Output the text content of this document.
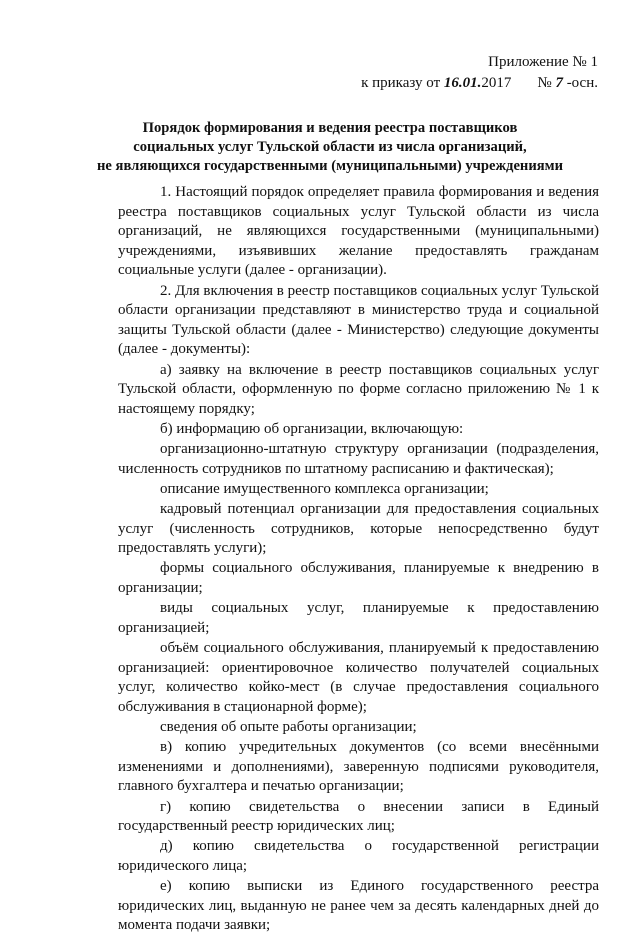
Приложение № 1
к приказу от 16.01.2017 № 7 -осн.
Порядок формирования и ведения реестра поставщиков
социальных услуг Тульской области из числа организаций,
не являющихся государственными (муниципальными) учреждениями

1. Настоящий порядок определяет правила формирования и ведения реестра поставщиков социальных услуг Тульской области из числа организаций, не являющихся государственными (муниципальными) учреждениями, изъявивших желание предоставлять гражданам социальные услуги (далее - организации).

2. Для включения в реестр поставщиков социальных услуг Тульской области организации представляют в министерство труда и социальной защиты Тульской области (далее - Министерство) следующие документы (далее - документы):

а) заявку на включение в реестр поставщиков социальных услуг Тульской области, оформленную по форме согласно приложению № 1 к настоящему порядку;

б) информацию об организации, включающую:

организационно-штатную структуру организации (подразделения, численность сотрудников по штатному расписанию и фактическая);

описание имущественного комплекса организации;

кадровый потенциал организации для предоставления социальных услуг (численность сотрудников, которые непосредственно будут предоставлять услуги);

формы социального обслуживания, планируемые к внедрению в организации;

виды социальных услуг, планируемые к предоставлению организацией;

объём социального обслуживания, планируемый к предоставлению организацией: ориентировочное количество получателей социальных услуг, количество койко-мест (в случае предоставления социального обслуживания в стационарной форме);

сведения об опыте работы организации;

в) копию учредительных документов (со всеми внесёнными изменениями и дополнениями), заверенную подписями руководителя, главного бухгалтера и печатью организации;

г) копию свидетельства о внесении записи в Единый государственный реестр юридических лиц;

д) копию свидетельства о государственной регистрации юридического лица;

е) копию выписки из Единого государственного реестра юридических лиц, выданную не ранее чем за десять календарных дней до момента подачи заявки;
